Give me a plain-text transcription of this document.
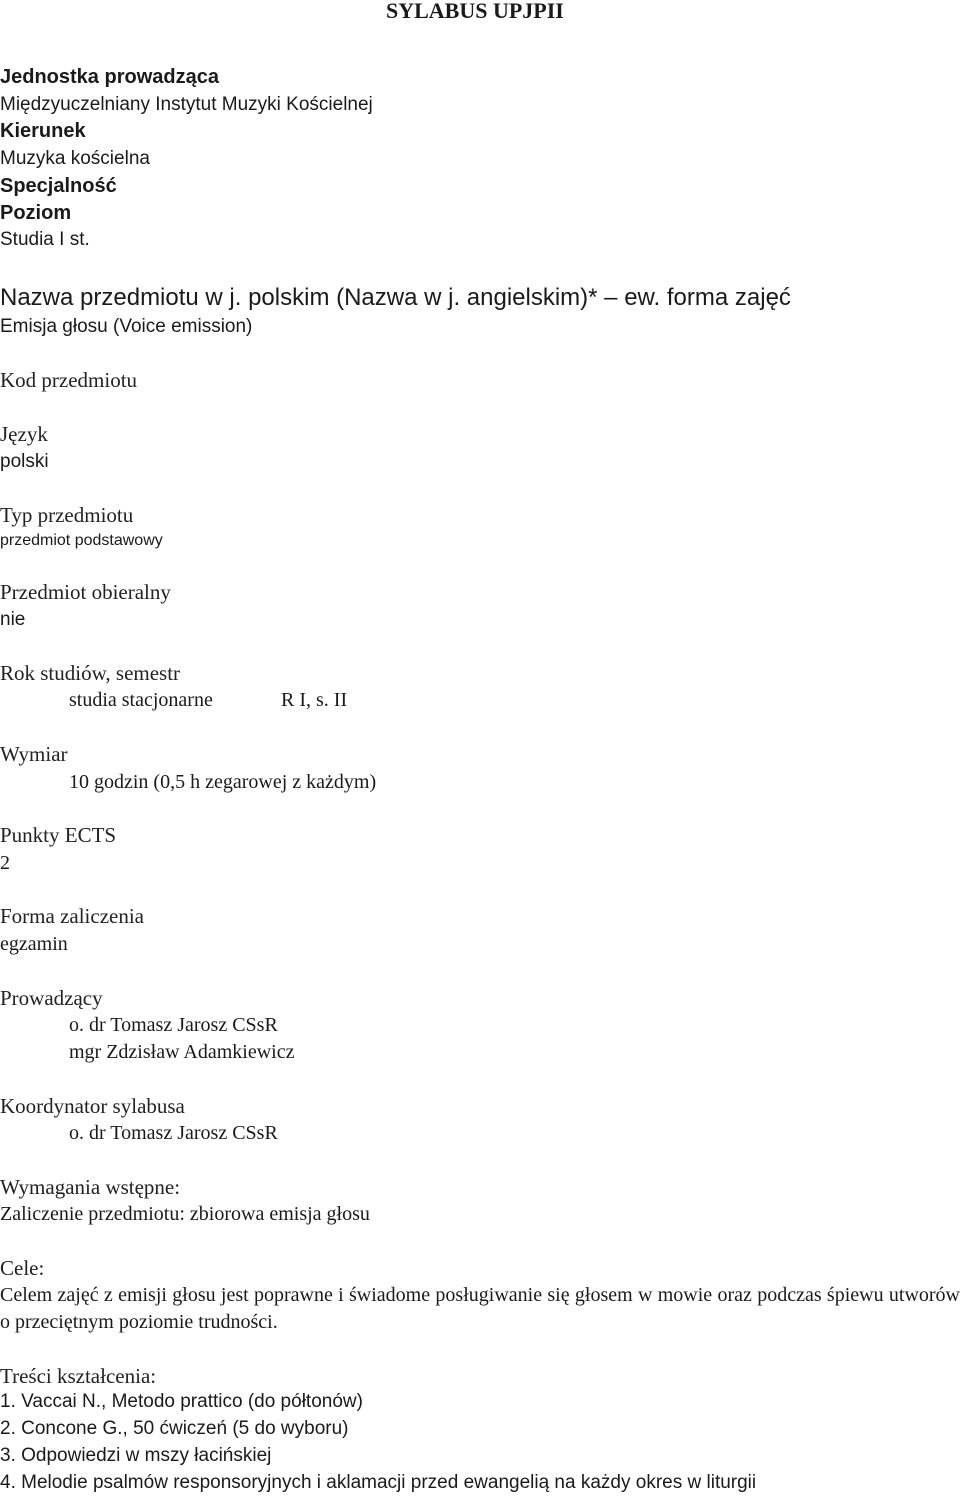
SYLABUS UPJPII
Jednostka prowadząca
Międzyuczelniany Instytut Muzyki Kościelnej
Kierunek
Muzyka kościelna
Specjalność
Poziom
Studia I st.
Nazwa przedmiotu w j. polskim (Nazwa w j. angielskim)* – ew. forma zajęć
Emisja głosu (Voice emission)
Kod przedmiotu
Język
polski
Typ przedmiotu
przedmiot podstawowy
Przedmiot obieralny
nie
Rok studiów, semestr
studia stacjonarne	R I, s. II
Wymiar
10 godzin (0,5 h zegarowej z każdym)
Punkty ECTS
2
Forma zaliczenia
egzamin
Prowadzący
o. dr Tomasz Jarosz CSsR
mgr Zdzisław Adamkiewicz
Koordynator sylabusa
o. dr Tomasz Jarosz CSsR
Wymagania wstępne:
Zaliczenie przedmiotu: zbiorowa emisja głosu
Cele:
Celem zajęć z emisji głosu jest poprawne i świadome posługiwanie się głosem w mowie oraz podczas śpiewu utworów o przeciętnym poziomie trudności.
Treści kształcenia:
1. Vaccai N., Metodo prattico (do półtonów)
2. Concone G., 50 ćwiczeń (5 do wyboru)
3. Odpowiedzi w mszy łacińskiej
4. Melodie psalmów responsoryjnych i aklamacji przed ewangelią na każdy okres w liturgii
